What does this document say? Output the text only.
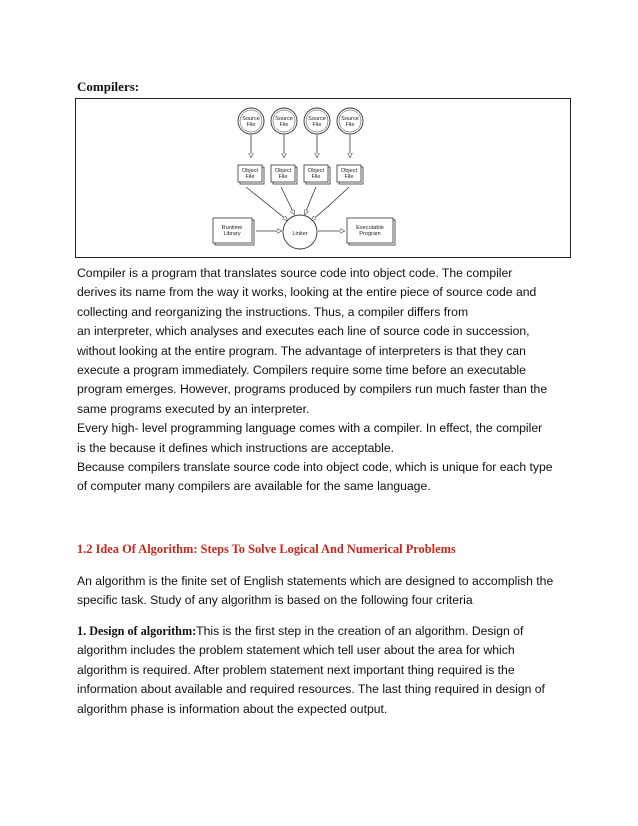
Compilers:
Source File
Source File
Source File
Source File
Object File
Object File
Object File
Object File
Linker
Runtime Library
Executable Program

Compiler is a program that translates source code into object code. The compiler
derives its name from the way it works, looking at the entire piece of source code and
collecting and reorganizing the instructions. Thus, a compiler differs from
an interpreter, which analyses and executes each line of source code in succession,
without looking at the entire program. The advantage of interpreters is that they can
execute a program immediately. Compilers require some time before an executable
program emerges. However, programs produced by compilers run much faster than the
same programs executed by an interpreter.
Every high- level programming language comes with a compiler. In effect, the compiler
is the because it defines which instructions are acceptable.
Because compilers translate source code into object code, which is unique for each type
of computer many compilers are available for the same language.

1.2 Idea Of Algorithm: Steps To Solve Logical And Numerical Problems

An algorithm is the finite set of English statements which are designed to accomplish the
specific task. Study of any algorithm is based on the following four criteria

1. Design of algorithm:This is the first step in the creation of an algorithm. Design of
algorithm includes the problem statement which tell user about the area for which
algorithm is required. After problem statement next important thing required is the
information about available and required resources. The last thing required in design of
algorithm phase is information about the expected output.
